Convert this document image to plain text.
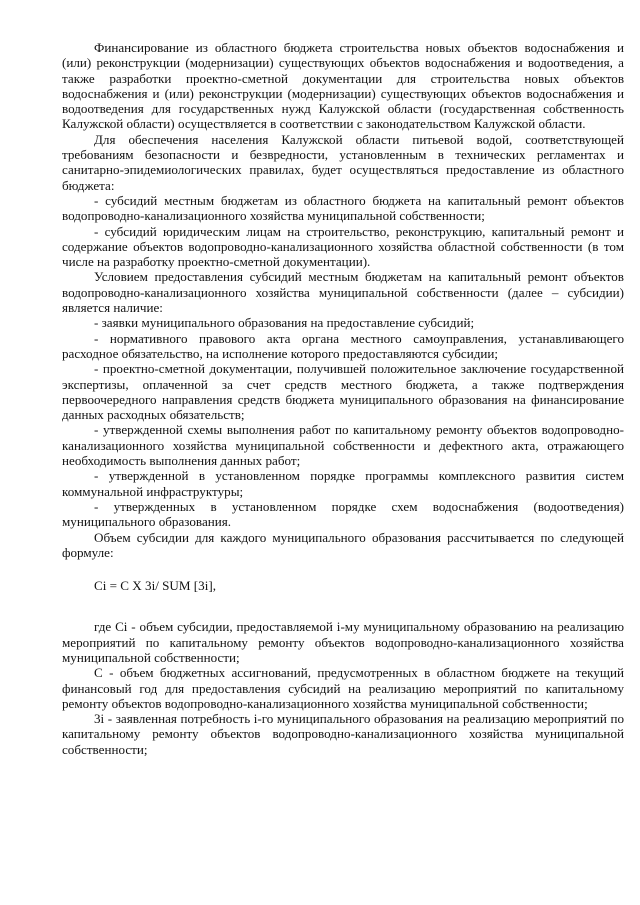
Финансирование из областного бюджета строительства новых объектов водоснабжения и (или) реконструкции (модернизации) существующих объектов водоснабжения и водоотведения, а также разработки проектно-сметной документации для строительства новых объектов водоснабжения и (или) реконструкции (модернизации) существующих объектов водоснабжения и водоотведения для государственных нужд Калужской области (государственная собственность Калужской области) осуществляется в соответствии с законодательством Калужской области.

Для обеспечения населения Калужской области питьевой водой, соответствующей требованиям безопасности и безвредности, установленным в технических регламентах и санитарно-эпидемиологических правилах, будет осуществляться предоставление из областного бюджета:

- субсидий местным бюджетам из областного бюджета на капитальный ремонт объектов водопроводно-канализационного хозяйства муниципальной собственности;

- субсидий юридическим лицам на строительство, реконструкцию, капитальный ремонт и содержание объектов водопроводно-канализационного хозяйства областной собственности (в том числе на разработку проектно-сметной документации).

Условием предоставления субсидий местным бюджетам на капитальный ремонт объектов водопроводно-канализационного хозяйства муниципальной собственности (далее – субсидии) является наличие:

- заявки муниципального образования на предоставление субсидий;

- нормативного правового акта органа местного самоуправления, устанавливающего расходное обязательство, на исполнение которого предоставляются субсидии;

- проектно-сметной документации, получившей положительное заключение государственной экспертизы, оплаченной за счет средств местного бюджета, а также подтверждения первоочередного направления средств бюджета муниципального образования на финансирование данных расходных обязательств;

- утвержденной схемы выполнения работ по капитальному ремонту объектов водопроводно-канализационного хозяйства муниципальной собственности и дефектного акта, отражающего необходимость выполнения данных работ;

- утвержденной в установленном порядке программы комплексного развития систем коммунальной инфраструктуры;

- утвержденных в установленном порядке схем водоснабжения (водоотведения) муниципального образования.

Объем субсидии для каждого муниципального образования рассчитывается по следующей формуле:

Ci = C X 3i/ SUM [3i],

где Ci - объем субсидии, предоставляемой i-му муниципальному образованию на реализацию мероприятий по капитальному ремонту объектов водопроводно-канализационного хозяйства муниципальной собственности;

С - объем бюджетных ассигнований, предусмотренных в областном бюджете на текущий финансовый год для предоставления субсидий на реализацию мероприятий по капитальному ремонту объектов водопроводно-канализационного хозяйства муниципальной собственности;

3i - заявленная потребность i-го муниципального образования на реализацию мероприятий по капитальному ремонту объектов водопроводно-канализационного хозяйства муниципальной собственности;
